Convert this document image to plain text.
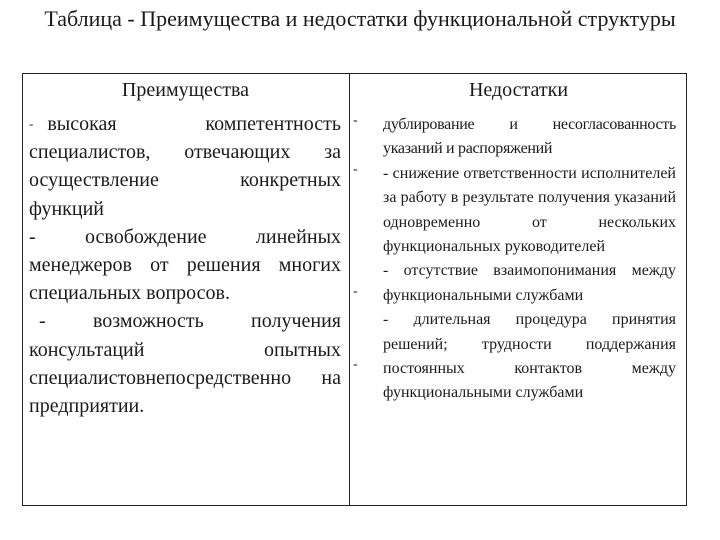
Таблица - Преимущества и недостатки функциональной структуры
Преимущества	Недостатки

- высокая компетентность специалистов, отвечающих за осуществление конкретных функций

- освобождение линейных менеджеров от решения многих специальных вопросов.

- возможность получения консультаций опытных специалистовнепосредственно на предприятии.

-
-
-
-

дублирование и несогласованность указаний и распоряжений

- снижение ответственности исполнителей за работу в результате получения указаний одновременно от нескольких функциональных руководителей

- отсутствие взаимопонимания между функциональными службами

- длительная процедура принятия решений; трудности поддержания постоянных контактов между функциональными службами
